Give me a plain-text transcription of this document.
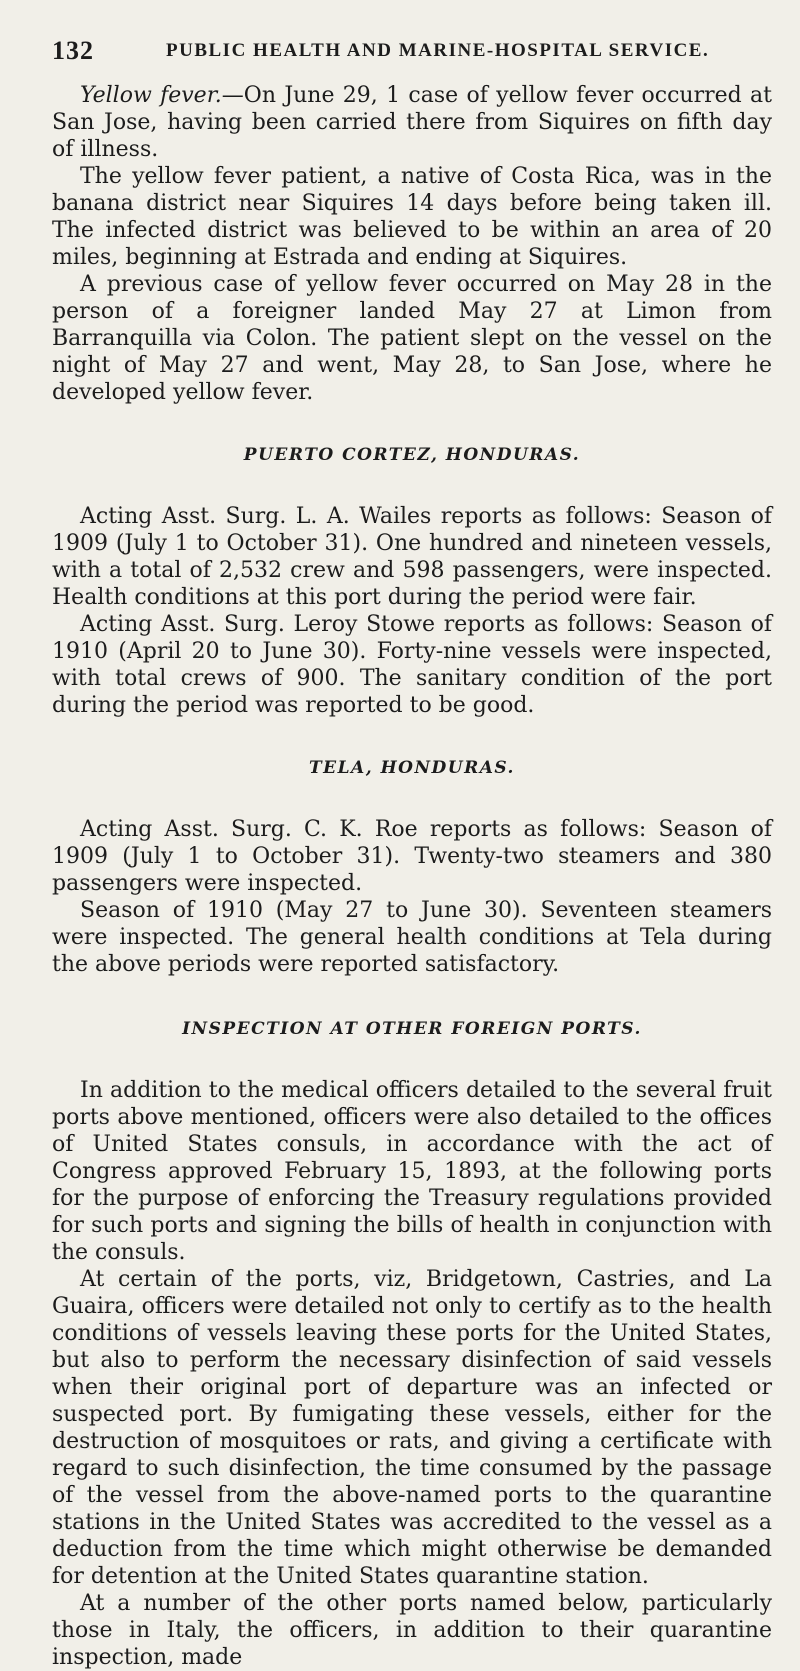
132	PUBLIC HEALTH AND MARINE-HOSPITAL SERVICE.

Yellow fever.—On June 29, 1 case of yellow fever occurred at San Jose, having been carried there from Siquires on fifth day of illness.

The yellow fever patient, a native of Costa Rica, was in the banana district near Siquires 14 days before being taken ill. The infected district was believed to be within an area of 20 miles, beginning at Estrada and ending at Siquires.

A previous case of yellow fever occurred on May 28 in the person of a foreigner landed May 27 at Limon from Barranquilla via Colon. The patient slept on the vessel on the night of May 27 and went, May 28, to San Jose, where he developed yellow fever.

PUERTO CORTEZ, HONDURAS.

Acting Asst. Surg. L. A. Wailes reports as follows: Season of 1909 (July 1 to October 31). One hundred and nineteen vessels, with a total of 2,532 crew and 598 passengers, were inspected. Health conditions at this port during the period were fair.

Acting Asst. Surg. Leroy Stowe reports as follows: Season of 1910 (April 20 to June 30). Forty-nine vessels were inspected, with total crews of 900. The sanitary condition of the port during the period was reported to be good.

TELA, HONDURAS.

Acting Asst. Surg. C. K. Roe reports as follows: Season of 1909 (July 1 to October 31). Twenty-two steamers and 380 passengers were inspected.

Season of 1910 (May 27 to June 30). Seventeen steamers were inspected. The general health conditions at Tela during the above periods were reported satisfactory.

INSPECTION AT OTHER FOREIGN PORTS.

In addition to the medical officers detailed to the several fruit ports above mentioned, officers were also detailed to the offices of United States consuls, in accordance with the act of Congress approved February 15, 1893, at the following ports for the purpose of enforcing the Treasury regulations provided for such ports and signing the bills of health in conjunction with the consuls.

At certain of the ports, viz, Bridgetown, Castries, and La Guaira, officers were detailed not only to certify as to the health conditions of vessels leaving these ports for the United States, but also to perform the necessary disinfection of said vessels when their original port of departure was an infected or suspected port. By fumigating these vessels, either for the destruction of mosquitoes or rats, and giving a certificate with regard to such disinfection, the time consumed by the passage of the vessel from the above-named ports to the quarantine stations in the United States was accredited to the vessel as a deduction from the time which might otherwise be demanded for detention at the United States quarantine station.

At a number of the other ports named below, particularly those in Italy, the officers, in addition to their quarantine inspection, made
